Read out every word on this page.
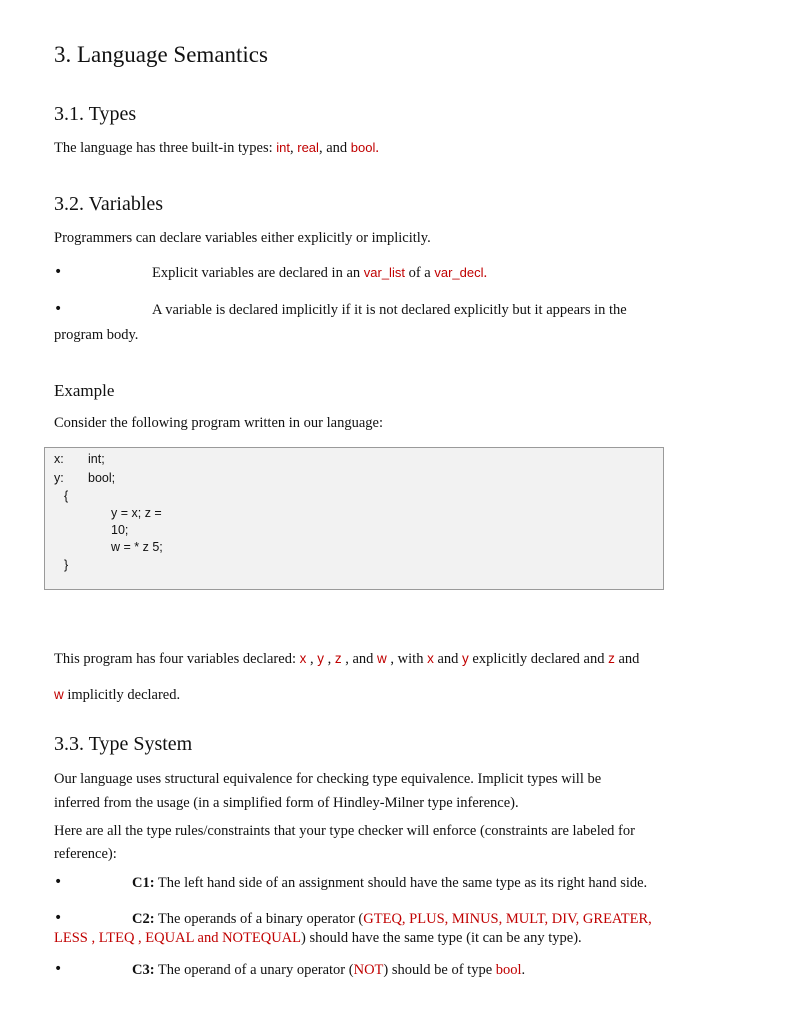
3. Language Semantics
3.1. Types
The language has three built-in types: int, real, and bool.
3.2. Variables
Programmers can declare variables either explicitly or implicitly.
•	Explicit variables are declared in an var_list of a var_decl.
•	A variable is declared implicitly if it is not declared explicitly but it appears in the
program body.
Example
Consider the following program written in our language:
x: int;
y: bool;
{
y = x; z =
10;
w = * z 5;
}
This program has four variables declared: x , y , z , and w , with x and y explicitly declared and z and
w implicitly declared.
3.3. Type System
Our language uses structural equivalence for checking type equivalence. Implicit types will be
inferred from the usage (in a simplified form of Hindley-Milner type inference).
Here are all the type rules/constraints that your type checker will enforce (constraints are labeled for
reference):
•	C1: The left hand side of an assignment should have the same type as its right hand side.
•	C2: The operands of a binary operator (GTEQ, PLUS, MINUS, MULT, DIV, GREATER,
LESS , LTEQ , EQUAL and NOTEQUAL) should have the same type (it can be any type).
•	C3: The operand of a unary operator (NOT) should be of type bool.
